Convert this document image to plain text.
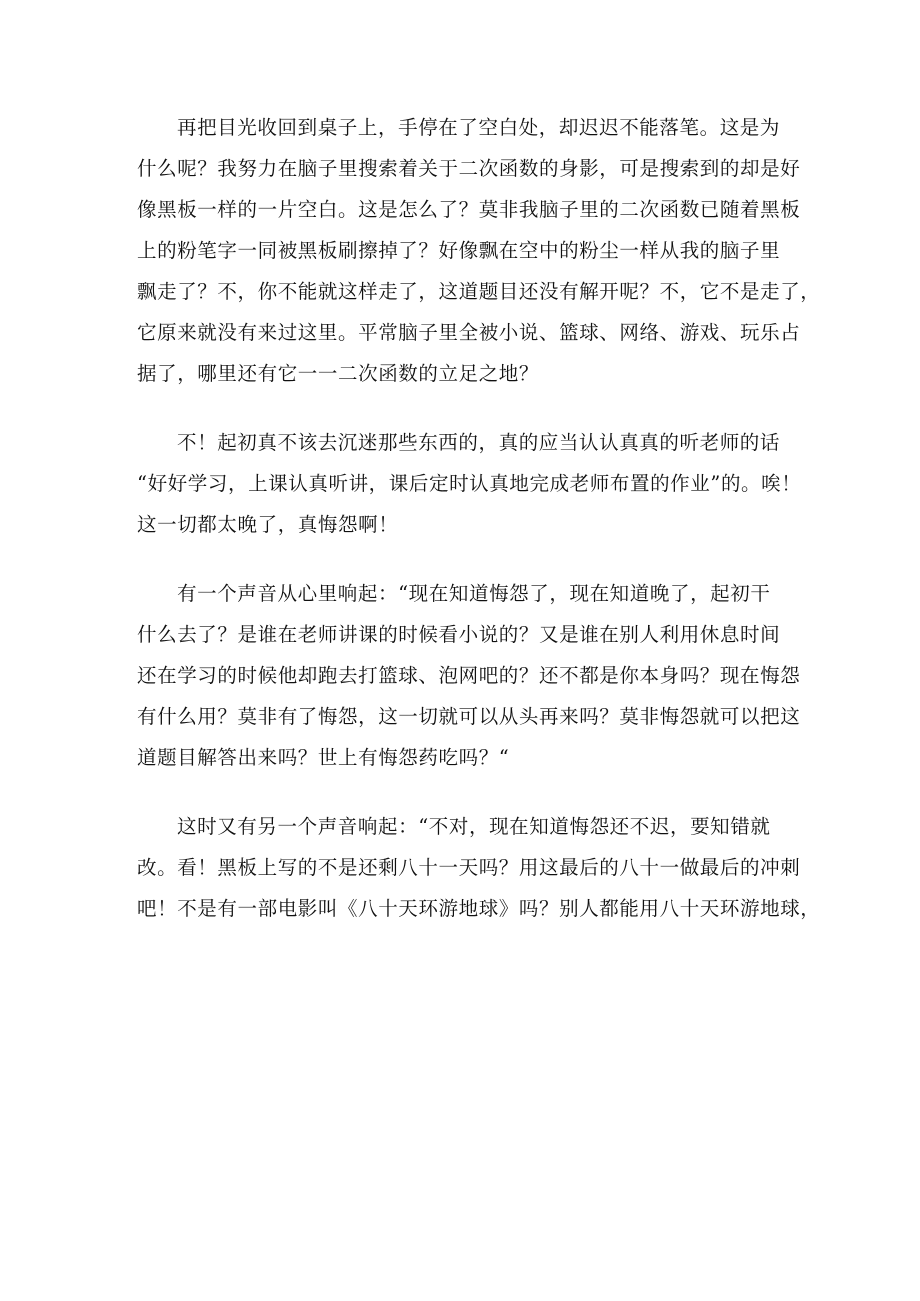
再把目光收回到桌子上，手停在了空白处，却迟迟不能落笔。这是为
什么呢？我努力在脑子里搜索着关于二次函数的身影，可是搜索到的却是好
像黑板一样的一片空白。这是怎么了？莫非我脑子里的二次函数已随着黑板
上的粉笔字一同被黑板刷擦掉了？好像飘在空中的粉尘一样从我的脑子里
飘走了？不，你不能就这样走了，这道题目还没有解开呢？不，它不是走了，
它原来就没有来过这里。平常脑子里全被小说、篮球、网络、游戏、玩乐占
据了，哪里还有它一一二次函数的立足之地？

不！起初真不该去沉迷那些东西的，真的应当认认真真的听老师的话
“好好学习，上课认真听讲，课后定时认真地完成老师布置的作业”的。唉！
这一切都太晚了，真悔怨啊！

有一个声音从心里响起：“现在知道悔怨了，现在知道晚了，起初干
什么去了？是谁在老师讲课的时候看小说的？又是谁在别人利用休息时间
还在学习的时候他却跑去打篮球、泡网吧的？还不都是你本身吗？现在悔怨
有什么用？莫非有了悔怨，这一切就可以从头再来吗？莫非悔怨就可以把这
道题目解答出来吗？世上有悔怨药吃吗？“

这时又有另一个声音响起：“不对，现在知道悔怨还不迟，要知错就
改。看！黑板上写的不是还剩八十一天吗？用这最后的八十一做最后的冲刺
吧！不是有一部电影叫《八十天环游地球》吗？别人都能用八十天环游地球，
